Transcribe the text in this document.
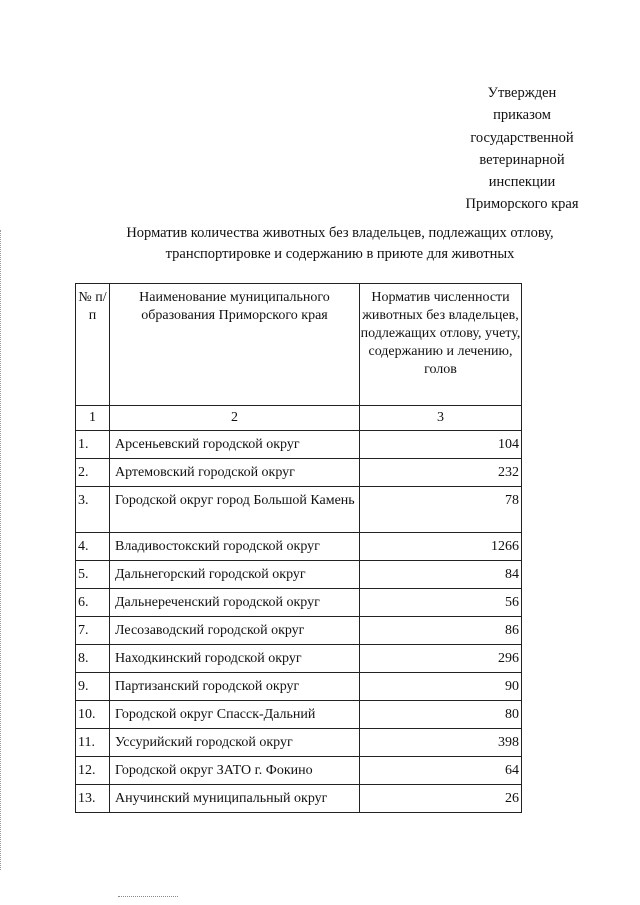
Утвержден
приказом
государственной
ветеринарной
инспекции
Приморского края
Норматив количества животных без владельцев, подлежащих отлову,
транспортировке и содержанию в приюте для животных
№ п/п	Наименование муниципального образования Приморского края	Норматив численности животных без владельцев, подлежащих отлову, учету, содержанию и лечению, голов
1	2	3
1.	Арсеньевский городской округ	104
2.	Артемовский городской округ	232
3.	Городской округ город Большой Камень	78
4.	Владивостокский городской округ	1266
5.	Дальнегорский городской округ	84
6.	Дальнереченский городской округ	56
7.	Лесозаводский городской округ	86
8.	Находкинский городской округ	296
9.	Партизанский городской округ	90
10.	Городской округ Спасск-Дальний	80
11.	Уссурийский городской округ	398
12.	Городской округ ЗАТО г. Фокино	64
13.	Анучинский муниципальный округ	26
